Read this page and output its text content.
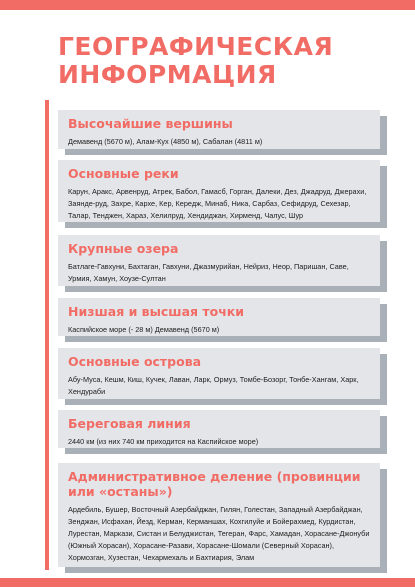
ГЕОГРАФИЧЕСКАЯ
ИНФОРМАЦИЯ
Высочайшие вершины
Демавенд (5670 м), Алам-Кух (4850 м), Сабалан (4811 м)
Основные реки
Карун, Аракс, Арвенруд, Атрек, Бабол, Гамасб, Горган, Далеки, Дез, Джадруд, Джерахи, Заянде-руд, Захре, Кархе, Кер, Кередж, Минаб, Ника, Сарбаз, Сефидруд, Сехезар, Талар, Тенджен, Хараз, Хелилруд, Хендиджан, Хирменд, Чалус, Шур
Крупные озера
Батлаге-Гавхуни, Бахтаган, Гавхуни, Джазмурийан, Нейриз, Неор, Паришан, Саве, Урмия, Хамун, Хоузе-Султан
Низшая и высшая точки
Каспийское море (- 28 м) Демавенд (5670 м)
Основные острова
Абу-Муса, Кешм, Киш, Кучек, Лаван, Ларк, Ормуз, Томбе-Бозорг, Тонбе-Хангам, Харк, Хендураби
Береговая линия
2440 км (из них 740 км приходится на Каспийское море)
Административное деление (провинции или «останы»)
Ардебиль, Бушер, Восточный Азербайджан, Гилян, Голестан, Западный Азербайджан, Зенджан, Исфахан, Йезд, Керман, Керманшах, Кохгилуйе и Бойерахмед, Курдистан, Лурестан, Маркази, Систан и Белуджистан, Тегеран, Фарс, Хамадан, Хорасане-Джонуби (Южный Хорасан), Хорасане-Разави, Хорасане-Шомали (Северный Хорасан), Хормозган, Хузестан, Чехармехаль и Бахтиария, Элам
